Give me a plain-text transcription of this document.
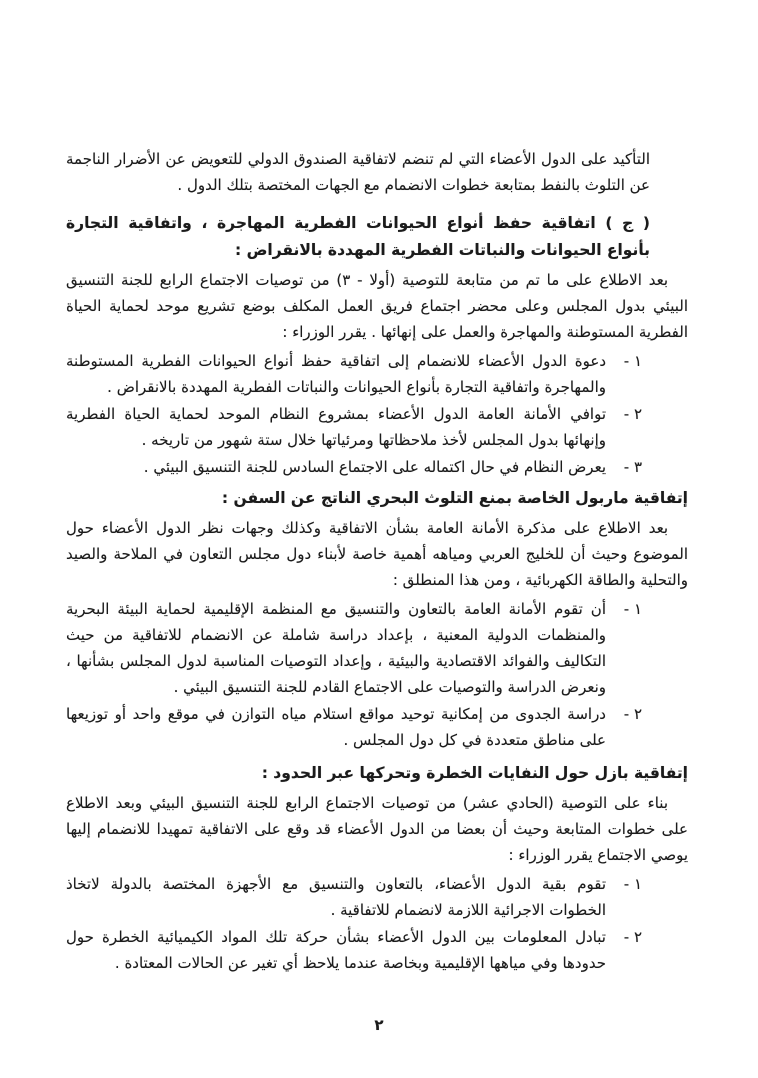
التأكيد على الدول الأعضاء التي لم تنضم لاتفاقية الصندوق الدولي للتعويض عن الأضرار الناجمة عن التلوث بالنفط بمتابعة خطوات الانضمام مع الجهات المختصة بتلك الدول .

( ج ) اتفاقية حفظ أنواع الحيوانات الفطرية المهاجرة ، واتفاقية التجارة بأنواع الحيوانات والنباتات الفطرية المهددة بالانقراض :

بعد الاطلاع على ما تم من متابعة للتوصية (أولا - ٣) من توصيات الاجتماع الرابع للجنة التنسيق البيئي بدول المجلس وعلى محضر اجتماع فريق العمل المكلف بوضع تشريع موحد لحماية الحياة الفطرية المستوطنة والمهاجرة والعمل على إنهائها . يقرر الوزراء :

١ -
دعوة الدول الأعضاء للانضمام إلى اتفاقية حفظ أنواع الحيوانات الفطرية المستوطنة والمهاجرة واتفاقية التجارة بأنواع الحيوانات والنباتات الفطرية المهددة بالانقراض .
٢ -
توافي الأمانة العامة الدول الأعضاء بمشروع النظام الموحد لحماية الحياة الفطرية وإنهائها بدول المجلس لأخذ ملاحظاتها ومرئياتها خلال ستة شهور من تاريخه .
٣ -
يعرض النظام في حال اكتماله على الاجتماع السادس للجنة التنسيق البيئي .
إتفاقية ماربول الخاصة بمنع التلوث البحري الناتج عن السفن :

بعد الاطلاع على مذكرة الأمانة العامة بشأن الاتفاقية وكذلك وجهات نظر الدول الأعضاء حول الموضوع وحيث أن للخليج العربي ومياهه أهمية خاصة لأبناء دول مجلس التعاون في الملاحة والصيد والتحلية والطاقة الكهربائية ، ومن هذا المنطلق :

١ -
أن تقوم الأمانة العامة بالتعاون والتنسيق مع المنظمة الإقليمية لحماية البيئة البحرية والمنظمات الدولية المعنية ، بإعداد دراسة شاملة عن الانضمام للاتفاقية من حيث التكاليف والفوائد الاقتصادية والبيئية ، وإعداد التوصيات المناسبة لدول المجلس بشأنها ، ونعرض الدراسة والتوصيات على الاجتماع القادم للجنة التنسيق البيئي .
٢ -
دراسة الجدوى من إمكانية توحيد مواقع استلام مياه التوازن في موقع واحد أو توزيعها على مناطق متعددة في كل دول المجلس .
إتفاقية بازل حول النفايات الخطرة وتحركها عبر الحدود :

بناء على التوصية (الحادي عشر) من توصيات الاجتماع الرابع للجنة التنسيق البيئي وبعد الاطلاع على خطوات المتابعة وحيث أن بعضا من الدول الأعضاء قد وقع على الاتفاقية تمهيدا للانضمام إليها يوصي الاجتماع يقرر الوزراء :

١ -
تقوم بقية الدول الأعضاء، بالتعاون والتنسيق مع الأجهزة المختصة بالدولة لاتخاذ الخطوات الاجرائية اللازمة لانضمام للاتفاقية .
٢ -
تبادل المعلومات بين الدول الأعضاء بشأن حركة تلك المواد الكيميائية الخطرة حول حدودها وفي مياهها الإقليمية وبخاصة عندما يلاحظ أي تغير عن الحالات المعتادة .
٢
